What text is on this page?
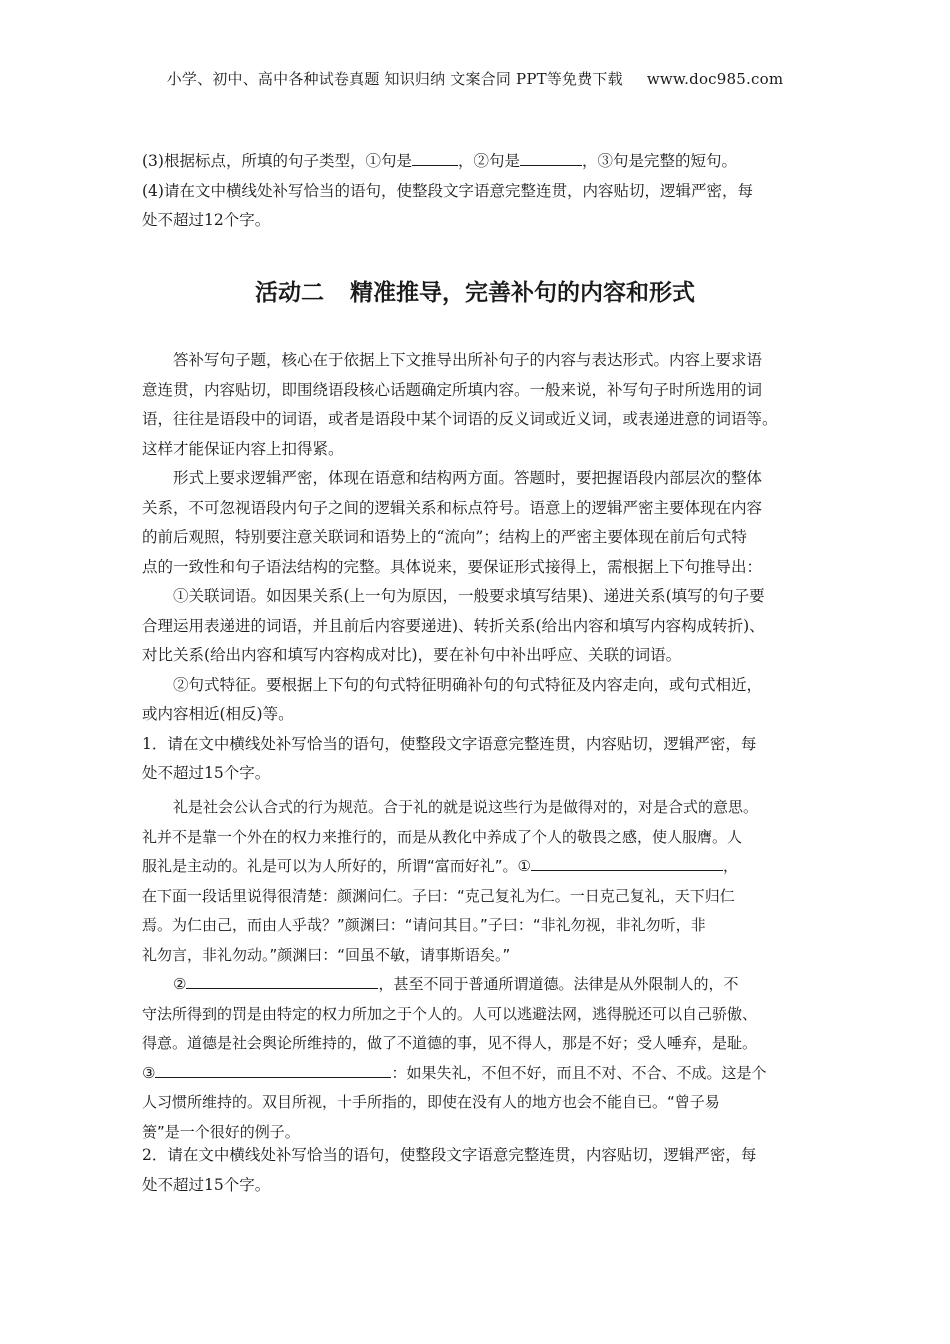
小学、初中、高中各种试卷真题 知识归纳 文案合同 PPT等免费下载 www.doc985.com
(3)根据标点，所填的句子类型，①句是	，②句是	，③句是完整的短句。
(4)请在文中横线处补写恰当的语句，使整段文字语意完整连贯，内容贴切，逻辑严密，每
处不超过12个字。
活动二 精准推导，完善补句的内容和形式
答补写句子题，核心在于依据上下文推导出所补句子的内容与表达形式。内容上要求语
意连贯，内容贴切，即围绕语段核心话题确定所填内容。一般来说，补写句子时所选用的词
语，往往是语段中的词语，或者是语段中某个词语的反义词或近义词，或表递进意的词语等。
这样才能保证内容上扣得紧。
形式上要求逻辑严密，体现在语意和结构两方面。答题时，要把握语段内部层次的整体
关系，不可忽视语段内句子之间的逻辑关系和标点符号。语意上的逻辑严密主要体现在内容
的前后观照，特别要注意关联词和语势上的“流向”；结构上的严密主要体现在前后句式特
点的一致性和句子语法结构的完整。具体说来，要保证形式接得上，需根据上下句推导出：
①关联词语。如因果关系(上一句为原因，一般要求填写结果)、递进关系(填写的句子要
合理运用表递进的词语，并且前后内容要递进)、转折关系(给出内容和填写内容构成转折)、
对比关系(给出内容和填写内容构成对比)，要在补句中补出呼应、关联的词语。
②句式特征。要根据上下句的句式特征明确补句的句式特征及内容走向，或句式相近，
或内容相近(相反)等。
1．请在文中横线处补写恰当的语句，使整段文字语意完整连贯，内容贴切，逻辑严密，每
处不超过15个字。
礼是社会公认合式的行为规范。合于礼的就是说这些行为是做得对的，对是合式的意思。
礼并不是靠一个外在的权力来推行的，而是从教化中养成了个人的敬畏之感，使人服膺。人
服礼是主动的。礼是可以为人所好的，所谓“富而好礼”。①	，
在下面一段话里说得很清楚：颜渊问仁。子曰：“克己复礼为仁。一日克己复礼，天下归仁
焉。为仁由己，而由人乎哉？”颜渊曰：“请问其目。”子曰：“非礼勿视，非礼勿听，非
礼勿言，非礼勿动。”颜渊曰：“回虽不敏，请事斯语矣。”
②	，甚至不同于普通所谓道德。法律是从外限制人的，不
守法所得到的罚是由特定的权力所加之于个人的。人可以逃避法网，逃得脱还可以自己骄傲、
得意。道德是社会舆论所维持的，做了不道德的事，见不得人，那是不好；受人唾弃，是耻。
③	：如果失礼，不但不好，而且不对、不合、不成。这是个
人习惯所维持的。双目所视，十手所指的，即使在没有人的地方也会不能自已。“曾子易
箦”是一个很好的例子。
2．请在文中横线处补写恰当的语句，使整段文字语意完整连贯，内容贴切，逻辑严密，每
处不超过15个字。
